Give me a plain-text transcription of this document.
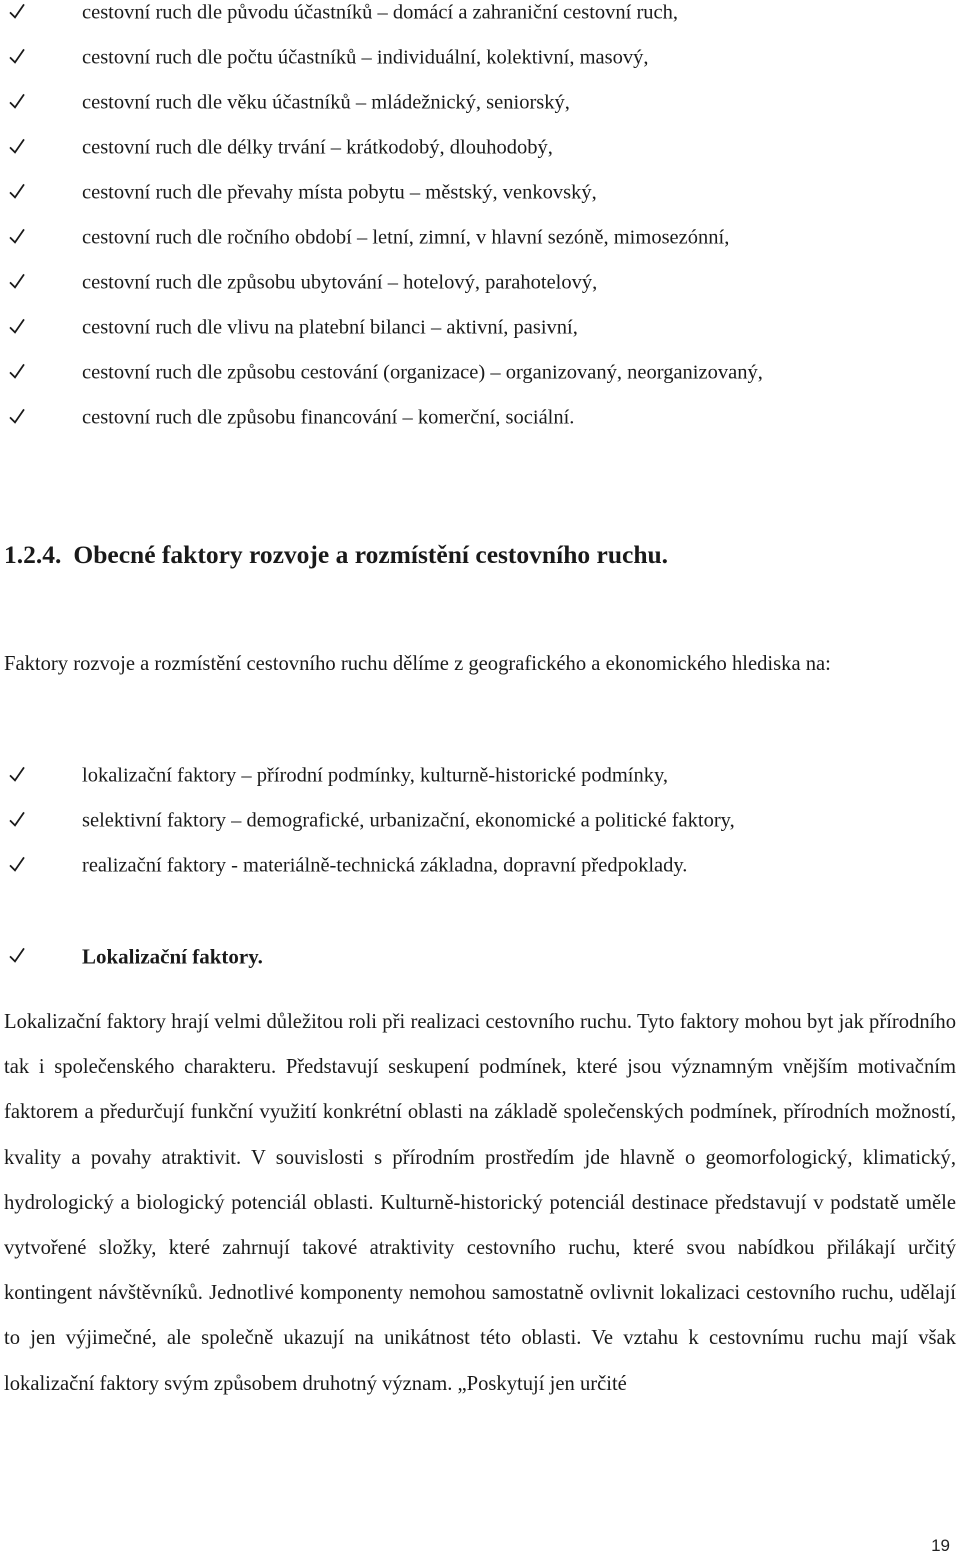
cestovní ruch dle původu účastníků – domácí a zahraniční cestovní ruch,
cestovní ruch dle počtu účastníků – individuální, kolektivní, masový,
cestovní ruch dle věku účastníků – mládežnický, seniorský,
cestovní ruch dle délky trvání – krátkodobý, dlouhodobý,
cestovní ruch dle převahy místa pobytu – městský, venkovský,
cestovní ruch dle ročního období – letní, zimní, v hlavní sezóně, mimosezónní,
cestovní ruch dle způsobu ubytování – hotelový, parahotelový,
cestovní ruch dle vlivu na platební bilanci – aktivní, pasivní,
cestovní ruch dle způsobu cestování (organizace) – organizovaný, neorganizovaný,
cestovní ruch dle způsobu financování – komerční, sociální.
1.2.4. Obecné faktory rozvoje a rozmístění cestovního ruchu.
Faktory rozvoje a rozmístění cestovního ruchu dělíme z geografického a ekonomického hlediska na:
lokalizační faktory – přírodní podmínky, kulturně-historické podmínky,
selektivní faktory – demografické, urbanizační, ekonomické a politické faktory,
realizační faktory - materiálně-technická základna, dopravní předpoklady.
Lokalizační faktory.
Lokalizační faktory hrají velmi důležitou roli při realizaci cestovního ruchu. Tyto faktory mohou byt jak přírodního tak i společenského charakteru. Představují seskupení podmínek, které jsou významným vnějším motivačním faktorem a předurčují funkční využití konkrétní oblasti na základě společenských podmínek, přírodních možností, kvality a povahy atraktivit. V souvislosti s přírodním prostředím jde hlavně o geomorfologický, klimatický, hydrologický a biologický potenciál oblasti. Kulturně-historický potenciál destinace představují v podstatě uměle vytvořené složky, které zahrnují takové atraktivity cestovního ruchu, které svou nabídkou přilákají určitý kontingent návštěvníků. Jednotlivé komponenty nemohou samostatně ovlivnit lokalizaci cestovního ruchu, udělají to jen výjimečné, ale společně ukazují na unikátnost této oblasti. Ve vztahu k cestovnímu ruchu mají však lokalizační faktory svým způsobem druhotný význam. „Poskytují jen určité
19
